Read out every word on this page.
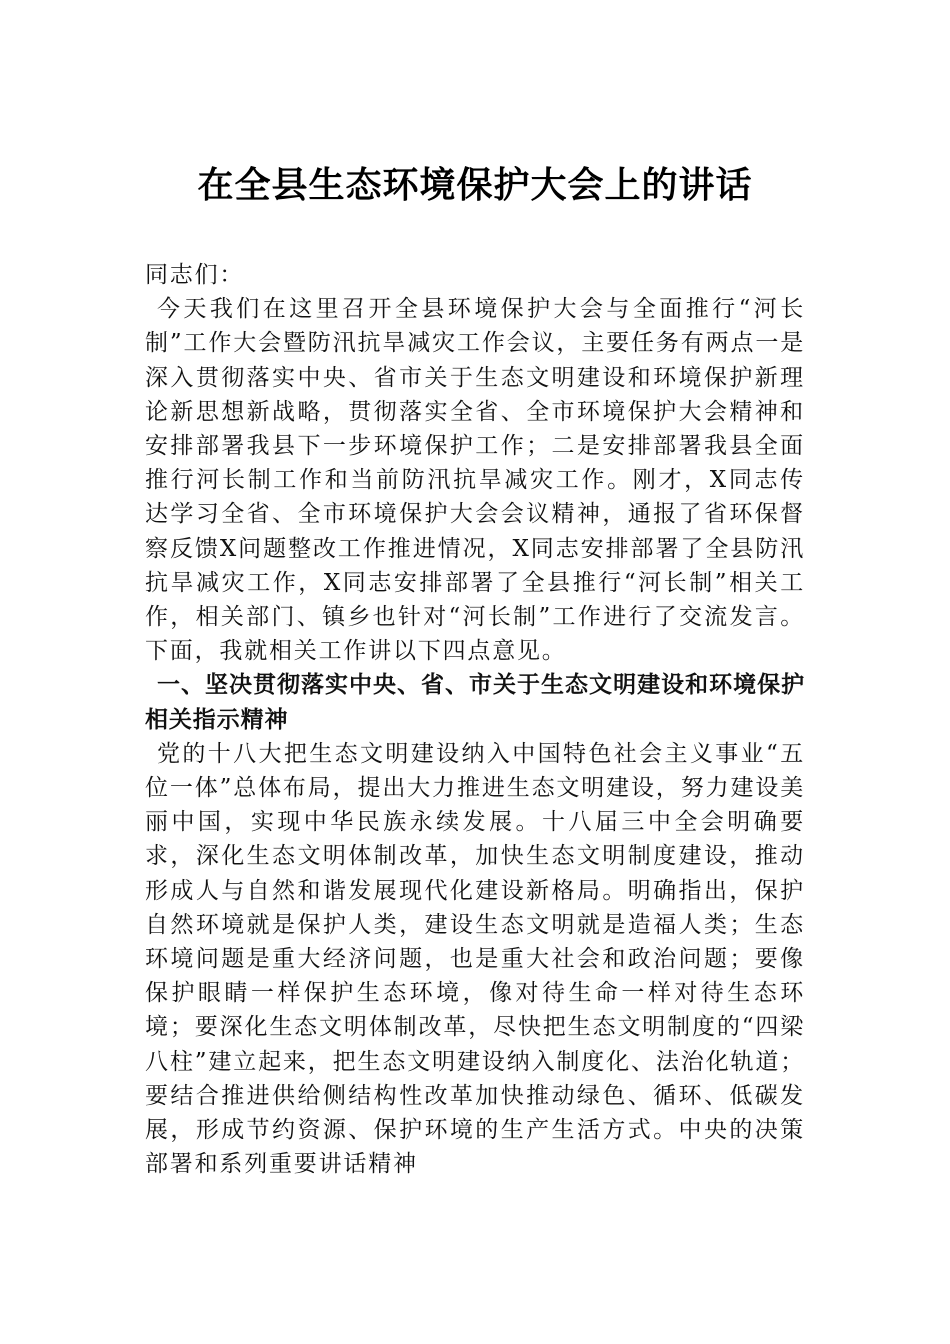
在全县生态环境保护大会上的讲话

同志们：

今天我们在这里召开全县环境保护大会与全面推行“河长制”工作大会暨防汛抗旱减灾工作会议，主要任务有两点一是深入贯彻落实中央、省市关于生态文明建设和环境保护新理论新思想新战略，贯彻落实全省、全市环境保护大会精神和安排部署我县下一步环境保护工作；二是安排部署我县全面推行河长制工作和当前防汛抗旱减灾工作。刚才，X同志传达学习全省、全市环境保护大会会议精神，通报了省环保督察反馈X问题整改工作推进情况，X同志安排部署了全县防汛抗旱减灾工作，X同志安排部署了全县推行“河长制”相关工作，相关部门、镇乡也针对“河长制”工作进行了交流发言。下面，我就相关工作讲以下四点意见。

一、坚决贯彻落实中央、省、市关于生态文明建设和环境保护相关指示精神

党的十八大把生态文明建设纳入中国特色社会主义事业“五位一体”总体布局，提出大力推进生态文明建设，努力建设美丽中国，实现中华民族永续发展。十八届三中全会明确要求，深化生态文明体制改革，加快生态文明制度建设，推动形成人与自然和谐发展现代化建设新格局。明确指出，保护自然环境就是保护人类，建设生态文明就是造福人类；生态环境问题是重大经济问题，也是重大社会和政治问题；要像保护眼睛一样保护生态环境，像对待生命一样对待生态环境；要深化生态文明体制改革，尽快把生态文明制度的“四梁八柱”建立起来，把生态文明建设纳入制度化、法治化轨道；要结合推进供给侧结构性改革加快推动绿色、循环、低碳发展，形成节约资源、保护环境的生产生活方式。中央的决策部署和系列重要讲话精神
